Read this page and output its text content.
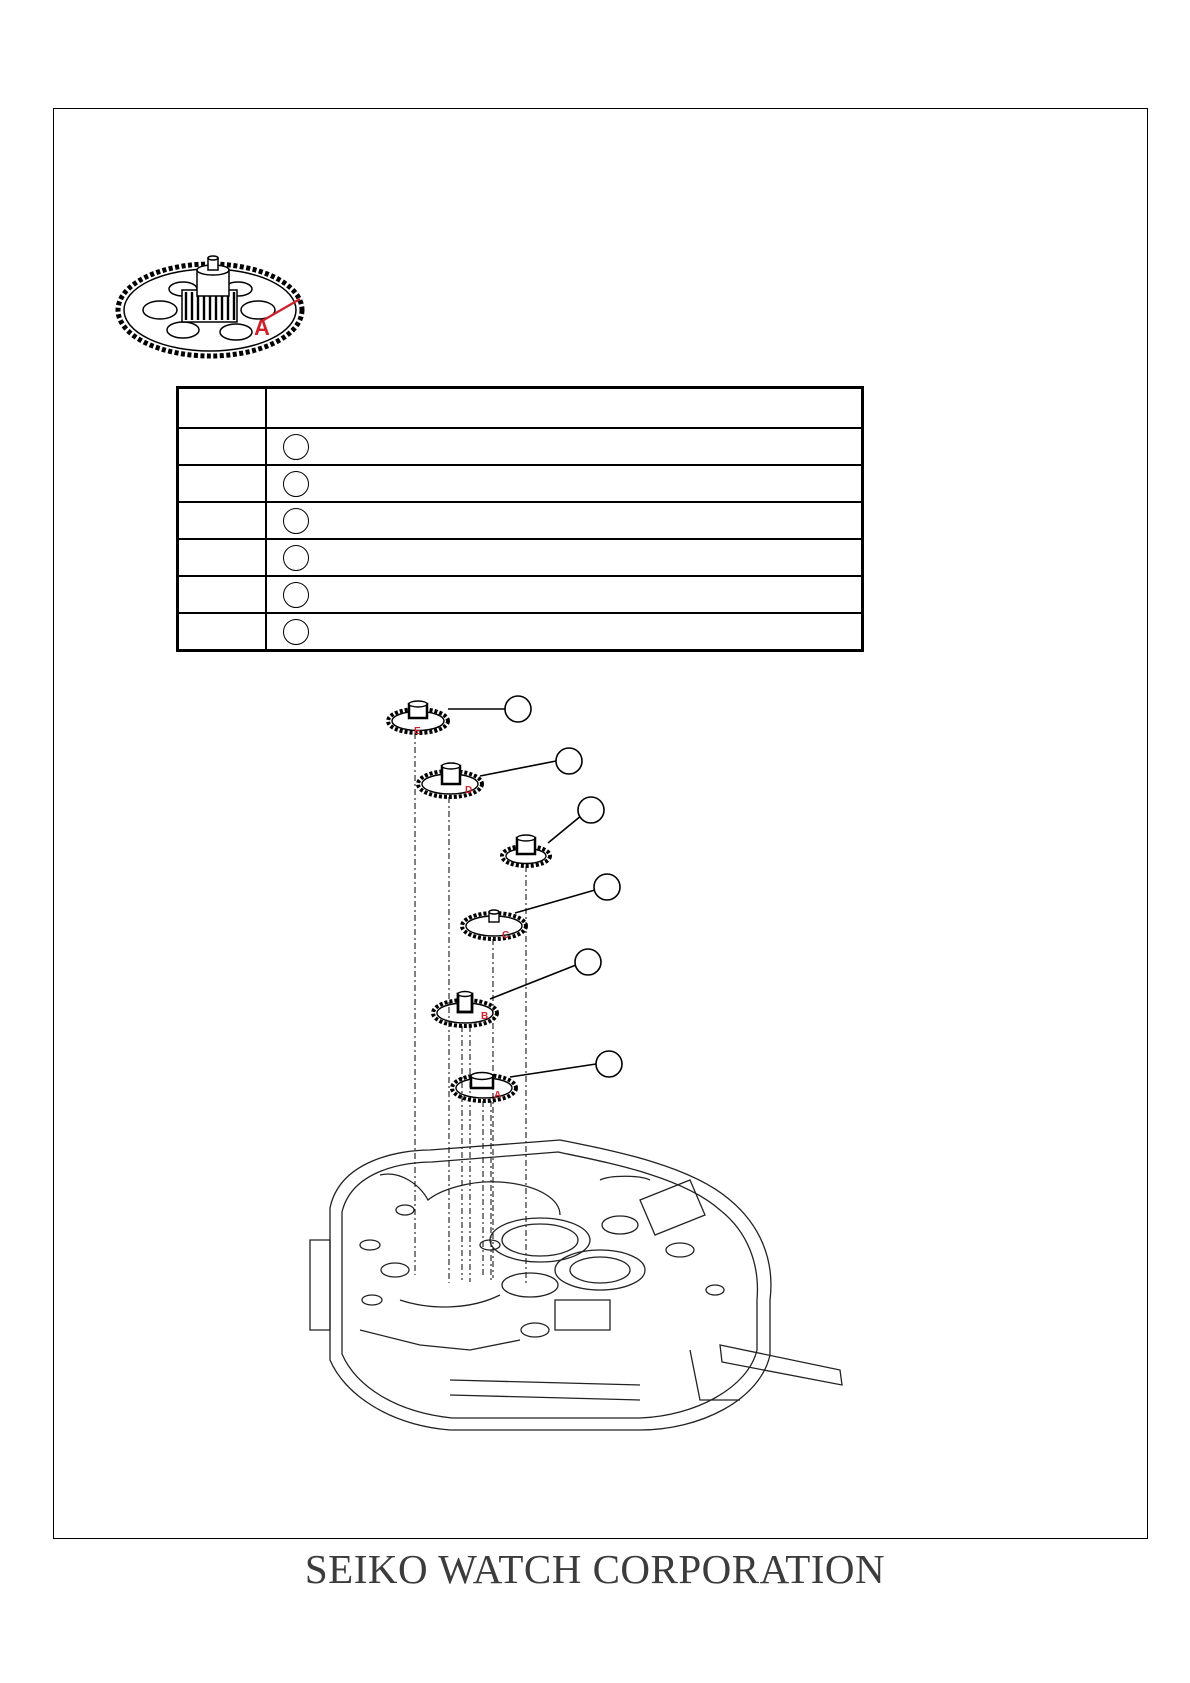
A
E
D
C
B
A

SEIKO WATCH CORPORATION
